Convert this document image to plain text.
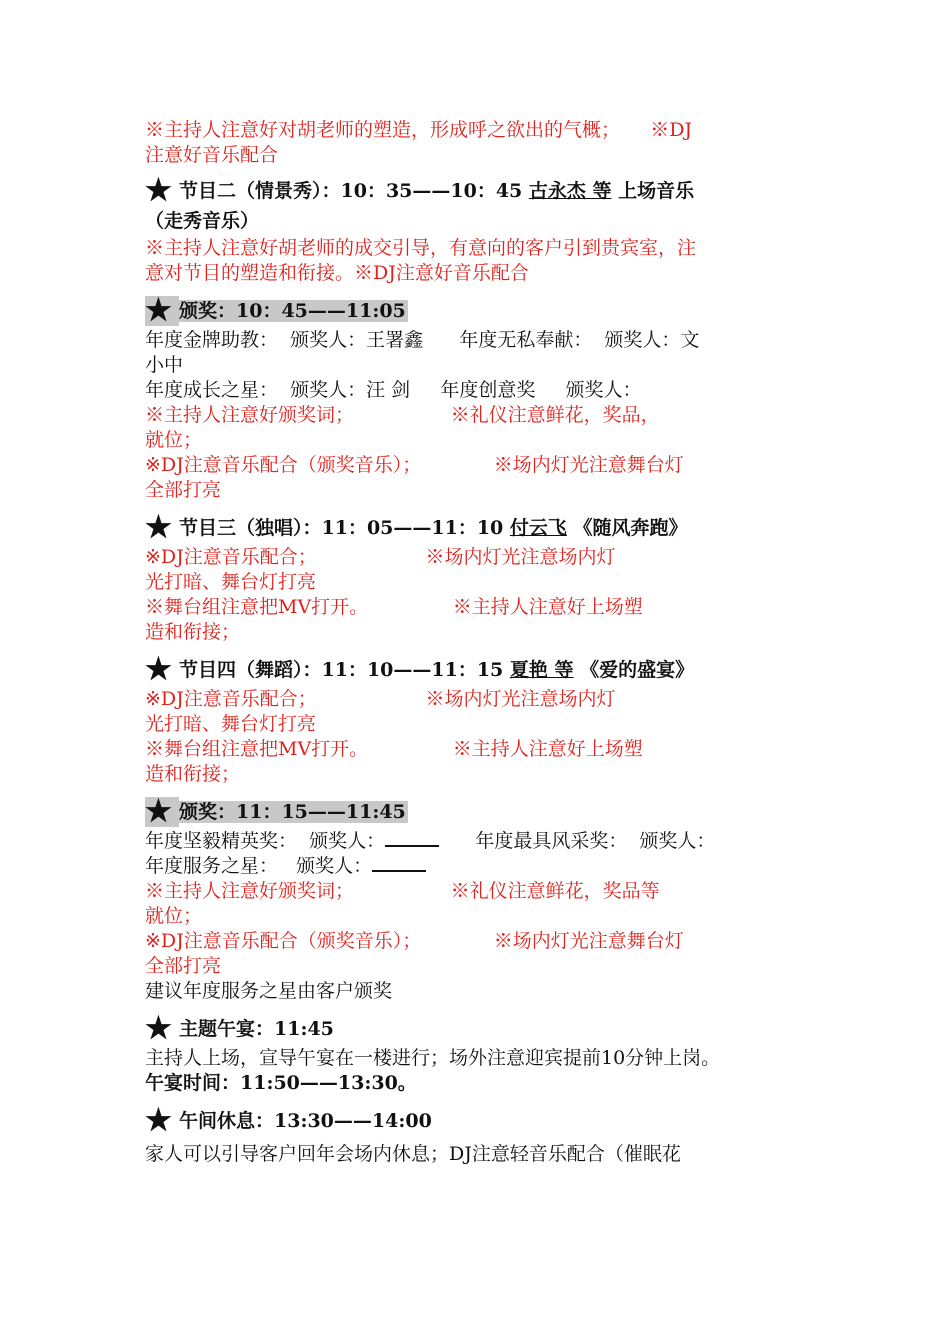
※主持人注意好对胡老师的塑造，形成呼之欲出的气概；     ※DJ
注意好音乐配合
★ 节目二（情景秀）：10：35——10：45 古永杰 等 上场音乐
（走秀音乐）
※主持人注意好胡老师的成交引导，有意向的客户引到贵宾室，注
意对节目的塑造和衔接。※DJ注意好音乐配合
★ 颁奖：10：45——11:05
年度金牌助教：  颁奖人：王署鑫      年度无私奉献：  颁奖人：文
小中
年度成长之星：  颁奖人：汪 剑     年度创意奖     颁奖人：
※主持人注意好颁奖词；                ※礼仪注意鲜花，奖品，
就位；
※DJ注意音乐配合（颁奖音乐）；            ※场内灯光注意舞台灯
全部打亮
★ 节目三（独唱）：11：05——11：10 付云飞 《随风奔跑》
※DJ注意音乐配合；                  ※场内灯光注意场内灯
光打暗、舞台灯打亮
※舞台组注意把MV打开。              ※主持人注意好上场塑
造和衔接；
★ 节目四（舞蹈）：11：10——11：15 夏艳 等 《爱的盛宴》
※DJ注意音乐配合；                  ※场内灯光注意场内灯
光打暗、舞台灯打亮
※舞台组注意把MV打开。              ※主持人注意好上场塑
造和衔接；
★ 颁奖：11：15——11:45
年度坚毅精英奖：  颁奖人：	年度最具风采奖：  颁奖人：
年度服务之星：   颁奖人：
※主持人注意好颁奖词；                ※礼仪注意鲜花，奖品等
就位；
※DJ注意音乐配合（颁奖音乐）；            ※场内灯光注意舞台灯
全部打亮
建议年度服务之星由客户颁奖
★ 主题午宴：11:45
主持人上场，宣导午宴在一楼进行；场外注意迎宾提前10分钟上岗。
午宴时间：11:50——13:30。
★ 午间休息：13:30——14:00
家人可以引导客户回年会场内休息；DJ注意轻音乐配合（催眠花
